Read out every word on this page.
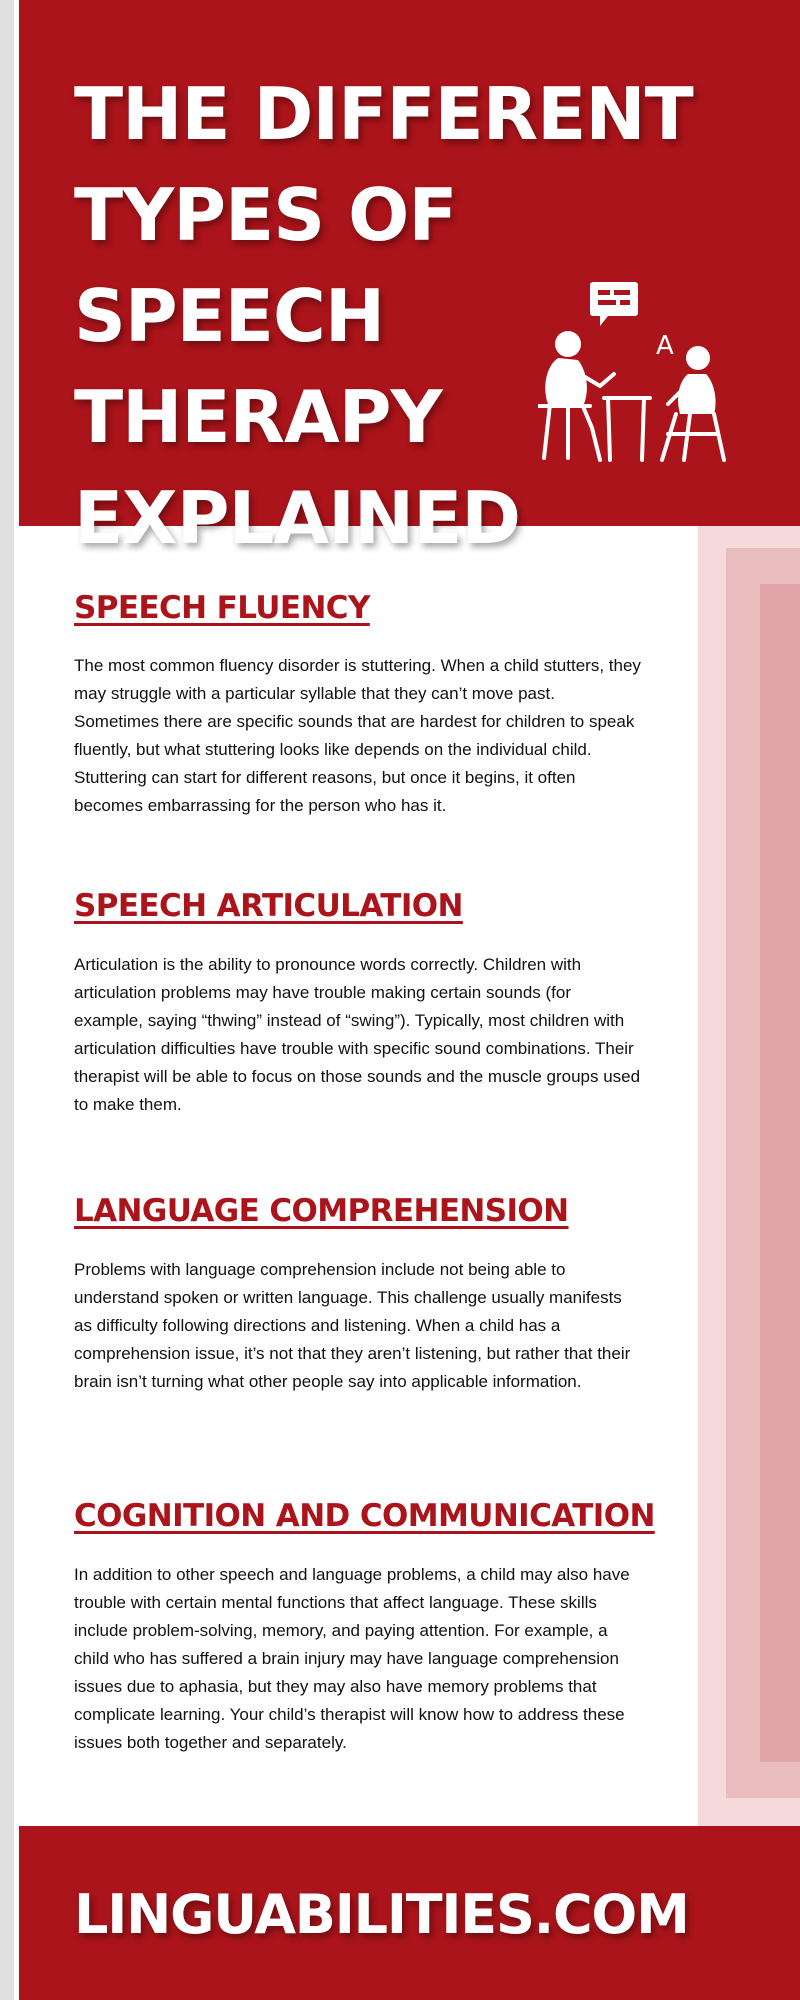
THE DIFFERENT TYPES OF SPEECH THERAPY EXPLAINED
A
SPEECH FLUENCY

The most common fluency disorder is stuttering. When a child stutters, they may struggle with a particular syllable that they can’t move past. Sometimes there are specific sounds that are hardest for children to speak fluently, but what stuttering looks like depends on the individual child. Stuttering can start for different reasons, but once it begins, it often becomes embarrassing for the person who has it.

SPEECH ARTICULATION

Articulation is the ability to pronounce words correctly. Children with articulation problems may have trouble making certain sounds (for example, saying “thwing” instead of “swing”). Typically, most children with articulation difficulties have trouble with specific sound combinations. Their therapist will be able to focus on those sounds and the muscle groups used to make them.

LANGUAGE COMPREHENSION

Problems with language comprehension include not being able to understand spoken or written language. This challenge usually manifests as difficulty following directions and listening. When a child has a comprehension issue, it’s not that they aren’t listening, but rather that their brain isn’t turning what other people say into applicable information.

COGNITION AND COMMUNICATION

In addition to other speech and language problems, a child may also have trouble with certain mental functions that affect language. These skills include problem-solving, memory, and paying attention. For example, a child who has suffered a brain injury may have language comprehension issues due to aphasia, but they may also have memory problems that complicate learning. Your child’s therapist will know how to address these issues both together and separately.

LINGUABILITIES.COM
